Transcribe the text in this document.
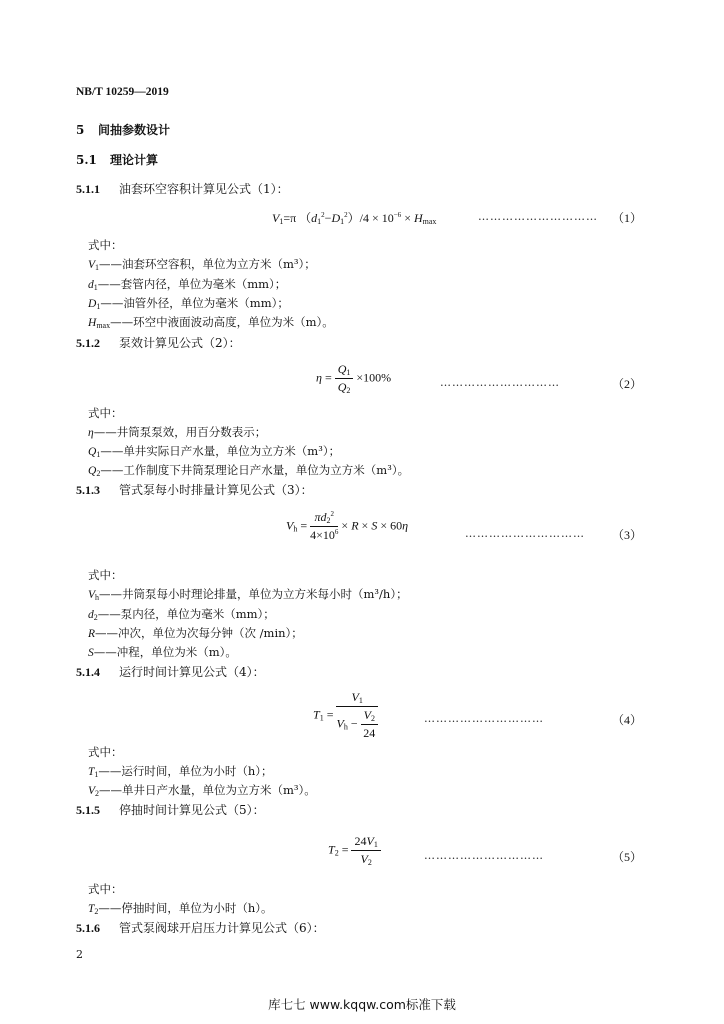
NB/T 10259—2019
5 间抽参数设计
5.1 理论计算
5.1.1 油套环空容积计算见公式（1）：
$V_1=\pi$ $(d_1^2-D_1^2)/4 \times 10^{-6} \times H_{max}$	………………………… （1）
式中：
$V_1——$油套环空容积，单位为立方米（m³）；
$d_1——$套管内径，单位为毫米（mm）；
$D_1——$油管外径，单位为毫米（mm）；
$H_{max}——$环空中液面波动高度，单位为米（m）。
5.1.2 泵效计算见公式（2）：
$\eta = \frac{Q_1}{Q_2} \times 100\%$	…………………………	（2）
式中：
η——井筒泵泵效，用百分数表示；
$Q_1——$单井实际日产水量，单位为立方米（m³）；
$Q_2——$工作制度下井筒泵理论日产水量，单位为立方米（m³）。
5.1.3 管式泵每小时排量计算见公式（3）：
$V_h = \frac{\pi d_2^2}{4\times 10^6} \times R \times S \times 60\eta$
………………………… （3）
式中：
$V_h——$井筒泵每小时理论排量，单位为立方米每小时（m³/h）；
$d_2——$泵内径，单位为毫米（mm）；
R——冲次，单位为次每分钟（次 /min）；
S——冲程，单位为米（m）。
5.1.4 运行时间计算见公式（4）：
$T_1 = \frac{V_1}{V_h - \frac{V_2}{24}}$	…………………………	（4）
式中：
$T_1——$运行时间，单位为小时（h）；
$V_2——$单井日产水量，单位为立方米（m³）。
5.1.5 停抽时间计算见公式（5）：
$T_2 = \frac{24V_1}{V_2}$	…………………………	（5）
式中：
$T_2——$停抽时间，单位为小时（h）。
5.1.6 管式泵阀球开启压力计算见公式（6）：
2
库七七 www.kqqw.com标准下载
